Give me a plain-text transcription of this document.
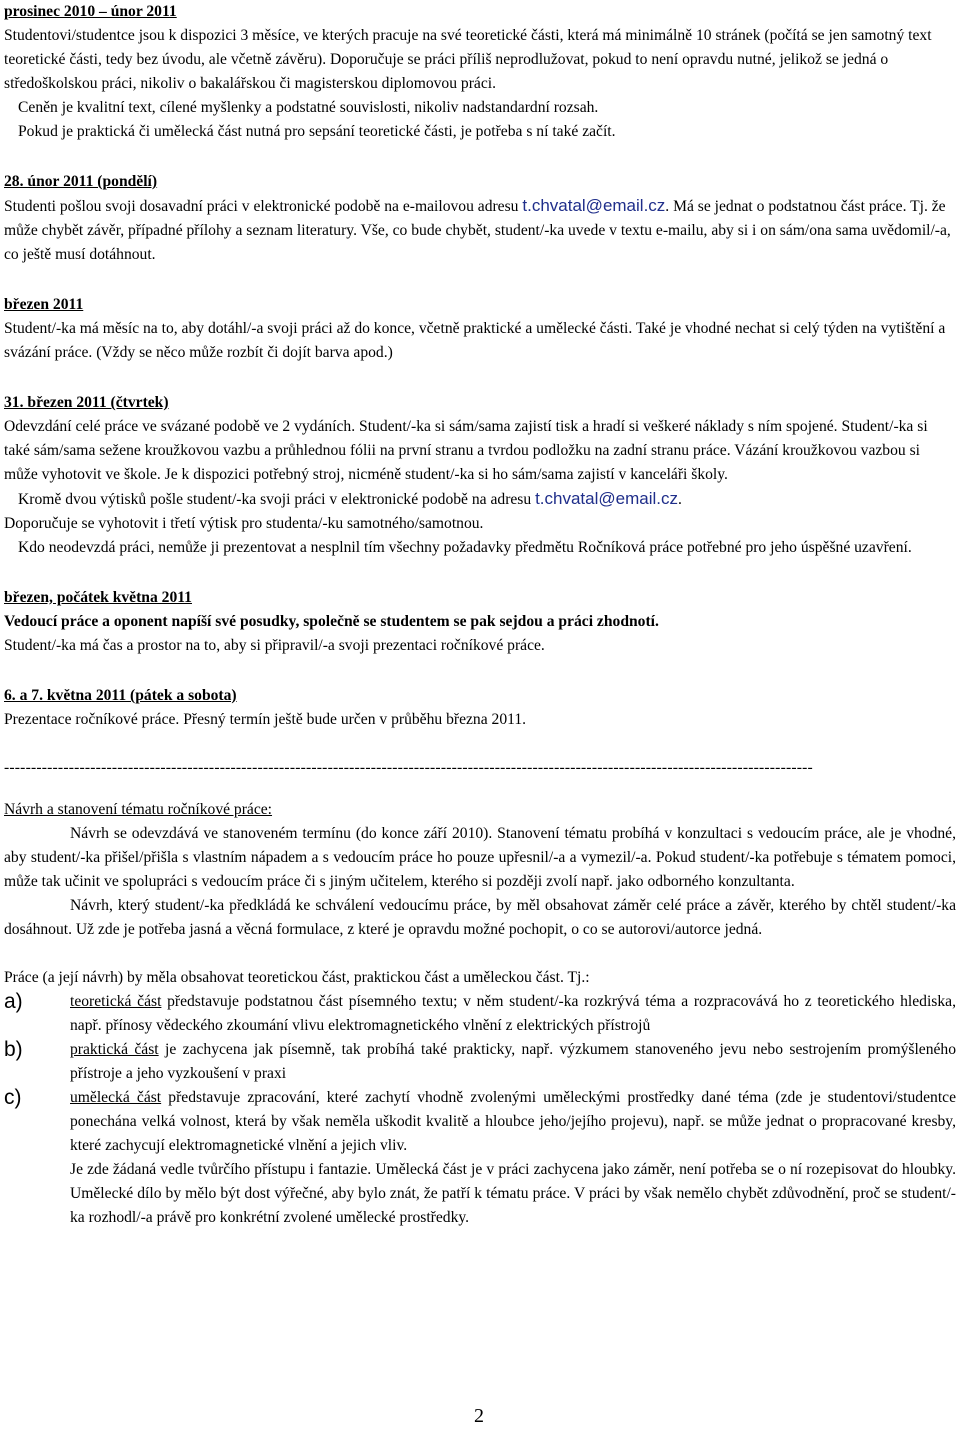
prosinec 2010 – únor 2011

Studentovi/studentce jsou k dispozici 3 měsíce, ve kterých pracuje na své teoretické části, která má minimálně 10 stránek (počítá se jen samotný text teoretické části, tedy bez úvodu, ale včetně závěru). Doporučuje se práci příliš neprodlužovat, pokud to není opravdu nutné, jelikož se jedná o středoškolskou práci, nikoliv o bakalářskou či magisterskou diplomovou práci.

Ceněn je kvalitní text, cílené myšlenky a podstatné souvislosti, nikoliv nadstandardní rozsah.

Pokud je praktická či umělecká část nutná pro sepsání teoretické části, je potřeba s ní také začít.

28. únor 2011 (pondělí)

Studenti pošlou svoji dosavadní práci v elektronické podobě na e-mailovou adresu t.chvatal@email.cz. Má se jednat o podstatnou část práce. Tj. že může chybět závěr, případné přílohy a seznam literatury. Vše, co bude chybět, student/-ka uvede v textu e-mailu, aby si i on sám/ona sama uvědomil/-a, co ještě musí dotáhnout.

březen 2011

Student/-ka má měsíc na to, aby dotáhl/-a svoji práci až do konce, včetně praktické a umělecké části. Také je vhodné nechat si celý týden na vytištění a svázání práce. (Vždy se něco může rozbít či dojít barva apod.)

31. březen 2011 (čtvrtek)

Odevzdání celé práce ve svázané podobě ve 2 vydáních. Student/-ka si sám/sama zajistí tisk a hradí si veškeré náklady s ním spojené. Student/-ka si také sám/sama sežene kroužkovou vazbu a průhlednou fólii na první stranu a tvrdou podložku na zadní stranu práce. Vázání kroužkovou vazbou si může vyhotovit ve škole. Je k dispozici potřebný stroj, nicméně student/-ka si ho sám/sama zajistí v kanceláři školy.

Kromě dvou výtisků pošle student/-ka svoji práci v elektronické podobě na adresu t.chvatal@email.cz.

Doporučuje se vyhotovit i třetí výtisk pro studenta/-ku samotného/samotnou.

Kdo neodevzdá práci, nemůže ji prezentovat a nesplnil tím všechny požadavky předmětu Ročníková práce potřebné pro jeho úspěšné uzavření.

březen, počátek května 2011

Vedoucí práce a oponent napíší své posudky, společně se studentem se pak sejdou a práci zhodnotí.

Student/-ka má čas a prostor na to, aby si připravil/-a svoji prezentaci ročníkové práce.

6. a 7. května 2011 (pátek a sobota)

Prezentace ročníkové práce. Přesný termín ještě bude určen v průběhu března 2011.

------------------------------------------------------------------------------------------------------------------------------------------------------

Návrh a stanovení tématu ročníkové práce:

Návrh se odevzdává ve stanoveném termínu (do konce září 2010). Stanovení tématu probíhá v konzultaci s vedoucím práce, ale je vhodné, aby student/-ka přišel/přišla s vlastním nápadem a s vedoucím práce ho pouze upřesnil/-a a vymezil/-a. Pokud student/-ka potřebuje s tématem pomoci, může tak učinit ve spolupráci s vedoucím práce či s jiným učitelem, kterého si později zvolí např. jako odborného konzultanta.

Návrh, který student/-ka předkládá ke schválení vedoucímu práce, by měl obsahovat záměr celé práce a závěr, kterého by chtěl student/-ka dosáhnout. Už zde je potřeba jasná a věcná formulace, z které je opravdu možné pochopit, o co se autorovi/autorce jedná.

Práce (a její návrh) by měla obsahovat teoretickou část, praktickou část a uměleckou část. Tj.:

a)	teoretická část představuje podstatnou část písemného textu; v něm student/-ka rozkrývá téma a rozpracovává ho z teoretického hlediska, např. přínosy vědeckého zkoumání vlivu elektromagnetického vlnění z elektrických přístrojů
b)	praktická část je zachycena jak písemně, tak probíhá také prakticky, např. výzkumem stanoveného jevu nebo sestrojením promýšleného přístroje a jeho vyzkoušení v praxi
c)	umělecká část představuje zpracování, které zachytí vhodně zvolenými uměleckými prostředky dané téma (zde je studentovi/studentce ponechána velká volnost, která by však neměla uškodit kvalitě a hloubce jeho/jejího projevu), např. se může jednat o propracované kresby, které zachycují elektromagnetické vlnění a jejich vliv.

Je zde žádaná vedle tvůrčího přístupu i fantazie. Umělecká část je v práci zachycena jako záměr, není potřeba se o ní rozepisovat do hloubky. Umělecké dílo by mělo být dost výřečné, aby bylo znát, že patří k tématu práce. V práci by však nemělo chybět zdůvodnění, proč se student/-ka rozhodl/-a právě pro konkrétní zvolené umělecké prostředky.

2
